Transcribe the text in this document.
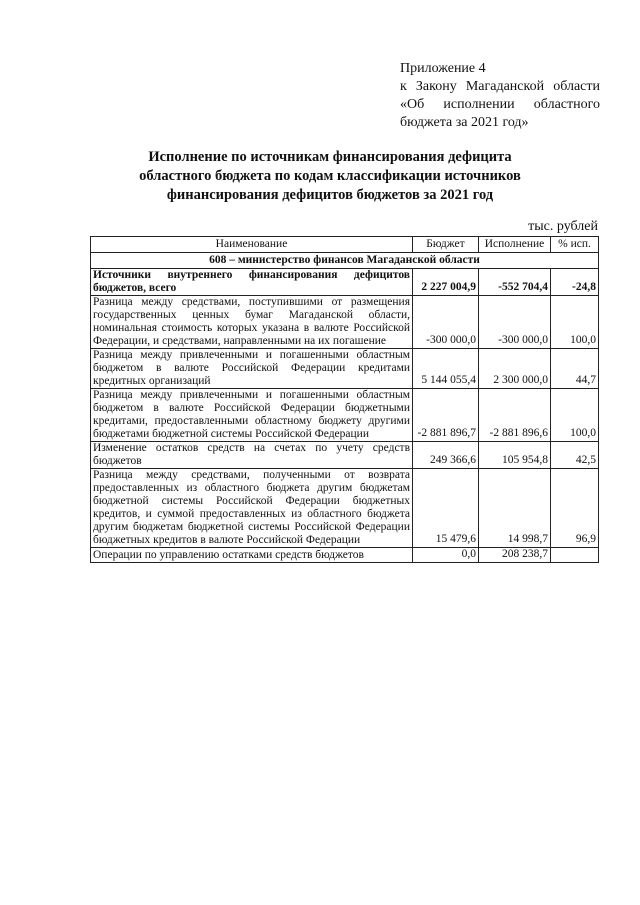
Приложение 4
к Закону Магаданской области
«Об исполнении областного
бюджета за 2021 год»
Исполнение по источникам финансирования дефицита
областного бюджета по кодам классификации источников
финансирования дефицитов бюджетов за 2021 год
тыс. рублей
Наименование	Бюджет	Исполнение	% исп.
608 – министерство финансов Магаданской области			
Источники внутреннего финансирования дефицитов бюджетов, всего	2 227 004,9	-552 704,4	-24,8
Разница между средствами, поступившими от размещения государственных ценных бумаг Магаданской области, номинальная стоимость которых указана в валюте Российской Федерации, и средствами, направленными на их погашение	-300 000,0	-300 000,0	100,0
Разница между привлеченными и погашенными областным бюджетом в валюте Российской Федерации кредитами кредитных организаций	5 144 055,4	2 300 000,0	44,7
Разница между привлеченными и погашенными областным бюджетом в валюте Российской Федерации бюджетными кредитами, предоставленными областному бюджету другими бюджетами бюджетной системы Российской Федерации	-2 881 896,7	-2 881 896,6	100,0
Изменение остатков средств на счетах по учету средств бюджетов	249 366,6	105 954,8	42,5
Разница между средствами, полученными от возврата предоставленных из областного бюджета другим бюджетам бюджетной системы Российской Федерации бюджетных кредитов, и суммой предоставленных из областного бюджета другим бюджетам бюджетной системы Российской Федерации бюджетных кредитов в валюте Российской Федерации	15 479,6	14 998,7	96,9
Операции по управлению остатками средств бюджетов	0,0	208 238,7	
